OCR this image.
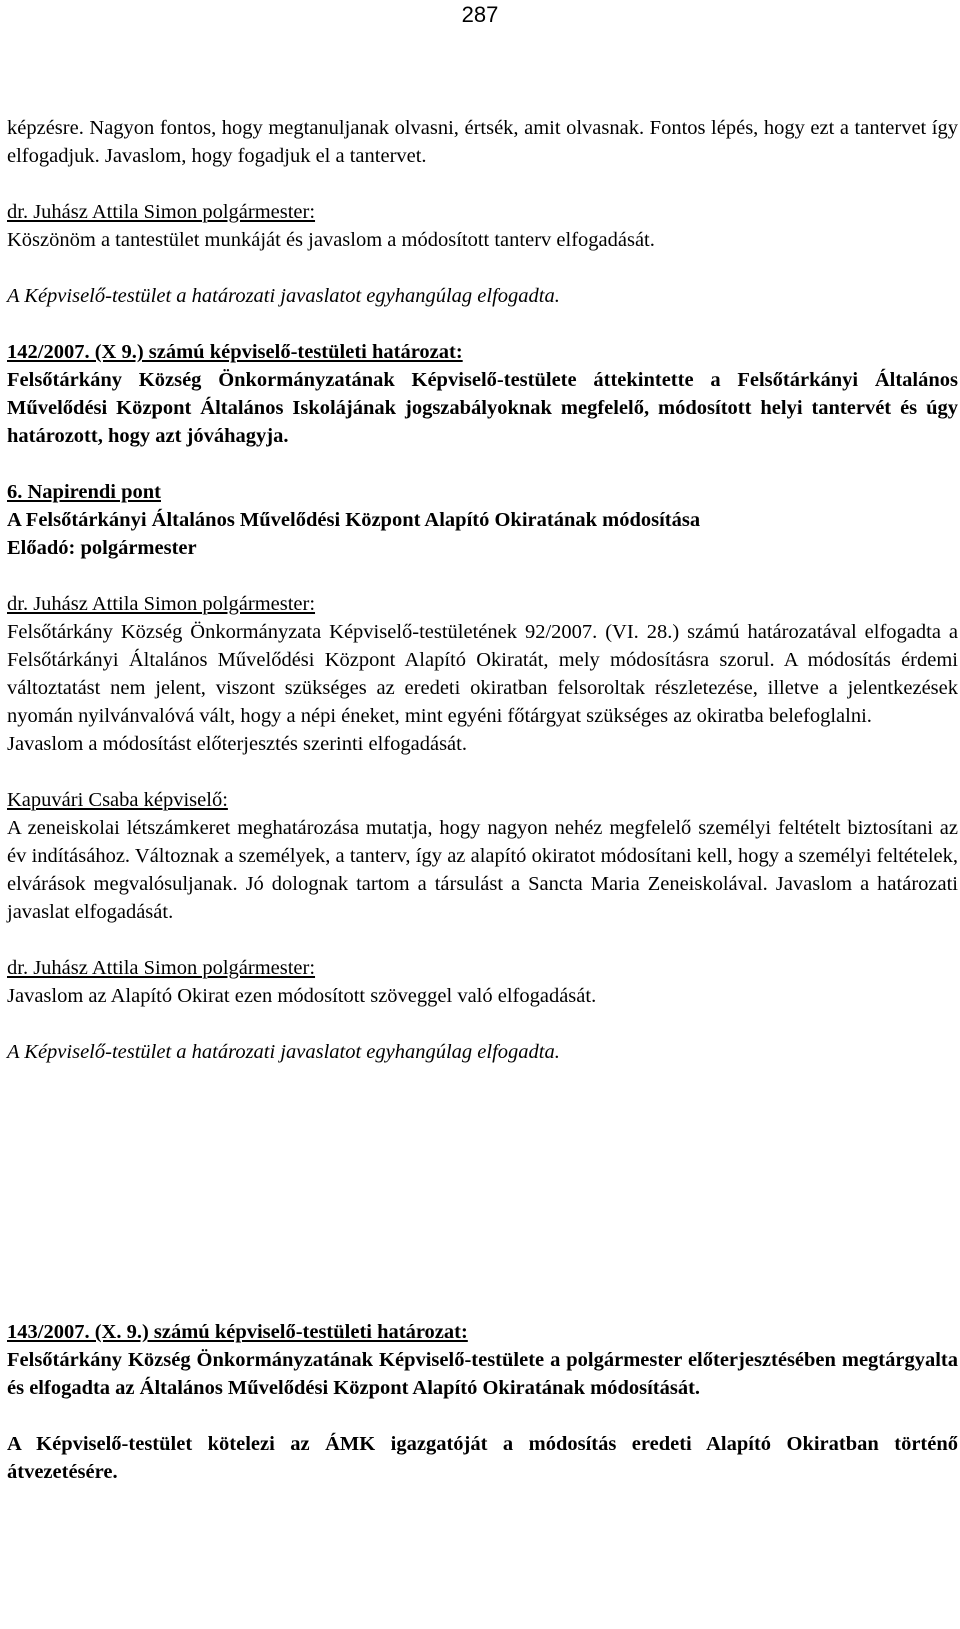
287

képzésre. Nagyon fontos, hogy megtanuljanak olvasni, értsék, amit olvasnak. Fontos lépés, hogy ezt a tantervet így elfogadjuk. Javaslom, hogy fogadjuk el a tantervet.

dr. Juhász Attila Simon polgármester:

Köszönöm a tantestület munkáját és javaslom a módosított tanterv elfogadását.

A Képviselő-testület a határozati javaslatot egyhangúlag elfogadta.

142/2007. (X 9.) számú képviselő-testületi határozat:

Felsőtárkány Község Önkormányzatának Képviselő-testülete áttekintette a Felsőtárkányi Általános Művelődési Központ Általános Iskolájának jogszabályoknak megfelelő, módosított helyi tantervét és úgy határozott, hogy azt jóváhagyja.

6. Napirendi pont

A Felsőtárkányi Általános Művelődési Központ Alapító Okiratának módosítása

Előadó: polgármester

dr. Juhász Attila Simon polgármester:

Felsőtárkány Község Önkormányzata Képviselő-testületének 92/2007. (VI. 28.) számú határozatával elfogadta a Felsőtárkányi Általános Művelődési Központ Alapító Okiratát, mely módosításra szorul. A módosítás érdemi változtatást nem jelent, viszont szükséges az eredeti okiratban felsoroltak részletezése, illetve a jelentkezések nyomán nyilvánvalóvá vált, hogy a népi éneket, mint egyéni főtárgyat szükséges az okiratba belefoglalni.

Javaslom a módosítást előterjesztés szerinti elfogadását.

Kapuvári Csaba képviselő:

A zeneiskolai létszámkeret meghatározása mutatja, hogy nagyon nehéz megfelelő személyi feltételt biztosítani az év indításához. Változnak a személyek, a tanterv, így az alapító okiratot módosítani kell, hogy a személyi feltételek, elvárások megvalósuljanak. Jó dolognak tartom a társulást a Sancta Maria Zeneiskolával. Javaslom a határozati javaslat elfogadását.

dr. Juhász Attila Simon polgármester:

Javaslom az Alapító Okirat ezen módosított szöveggel való elfogadását.

A Képviselő-testület a határozati javaslatot egyhangúlag elfogadta.

143/2007. (X. 9.) számú képviselő-testületi határozat:

Felsőtárkány Község Önkormányzatának Képviselő-testülete a polgármester előterjesztésében megtárgyalta és elfogadta az Általános Művelődési Központ Alapító Okiratának módosítását.

A Képviselő-testület kötelezi az ÁMK igazgatóját a módosítás eredeti Alapító Okiratban történő átvezetésére.
